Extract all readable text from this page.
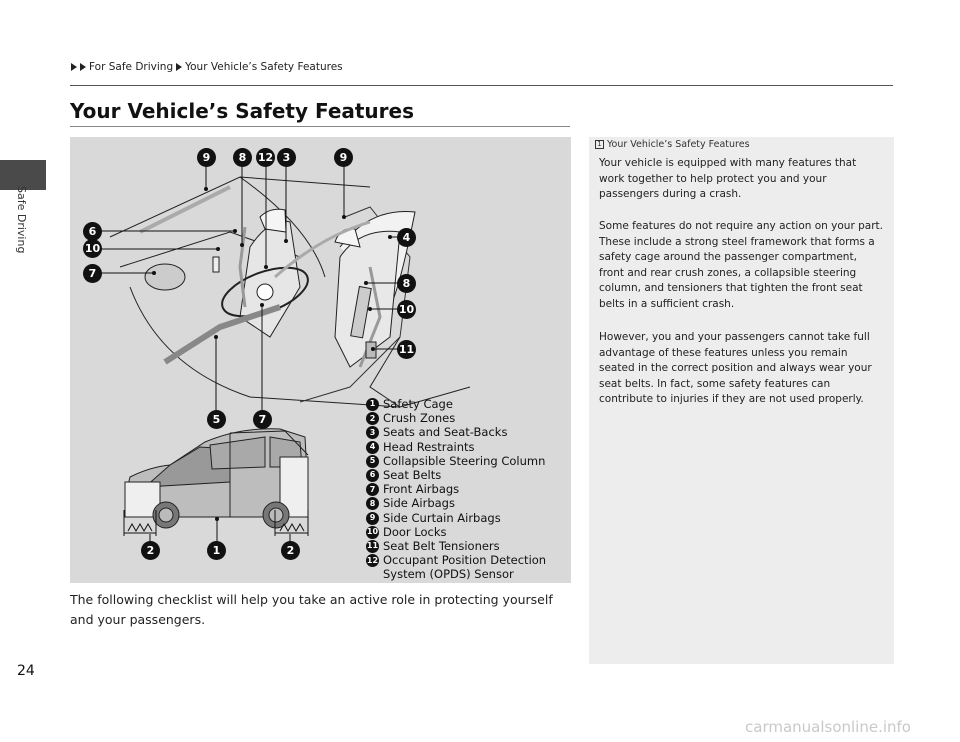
Safe Driving
For Safe Driving Your Vehicle’s Safety Features
Your Vehicle’s Safety Features
9	8	12 3	9
6
10
7
4
8
10
11
5	7
2	1	2
1 Safety Cage
2 Crush Zones
3 Seats and Seat-Backs
4 Head Restraints
5 Collapsible Steering Column
6 Seat Belts
7 Front Airbags
8 Side Airbags
9 Side Curtain Airbags
10 Door Locks
11 Seat Belt Tensioners
12 Occupant Position Detection System (OPDS) Sensor

The following checklist will help you take an active role in protecting yourself and your passengers.

1 Your Vehicle’s Safety Features

Your vehicle is equipped with many features that work together to help protect you and your passengers during a crash.

Some features do not require any action on your part. These include a strong steel framework that forms a safety cage around the passenger compartment, front and rear crush zones, a collapsible steering column, and tensioners that tighten the front seat belts in a sufficient crash.

However, you and your passengers cannot take full advantage of these features unless you remain seated in the correct position and always wear your seat belts. In fact, some safety features can contribute to injuries if they are not used properly.

24
carmanualsonline.info
